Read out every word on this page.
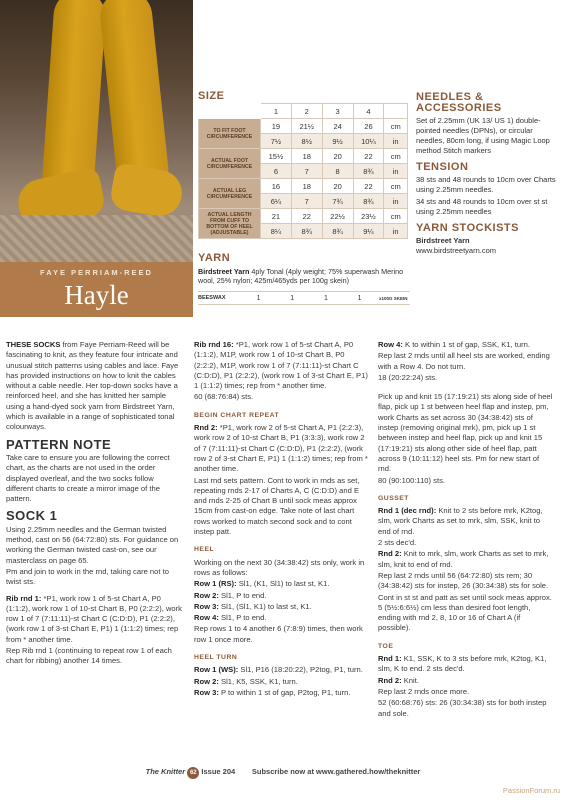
FAYE PERRIAM-REED
Hayle
SIZE
	1	2	3	4	
TO FIT FOOT CIRCUMFERENCE	19	21½	24	26	cm
	7½	8½	9½	10¼	in
ACTUAL FOOT CIRCUMFERENCE	15½	18	20	22	cm
	6	7	8	8¾	in
ACTUAL LEG CIRCUMFERENCE	16	18	20	22	cm
	6¼	7	7¾	8¾	in
ACTUAL LENGTH FROM CUFF TO BOTTOM OF HEEL (ADJUSTABLE)	21	22	22½	23½	cm
	8¼	8¾	8¾	9¼	in
YARN
Birdstreet Yarn 4ply Tonal (4ply weight; 75% superwash Merino wool, 25% nylon; 425m/465yds per 100g skein)
BEESWAX	1	1	1	1	x100G SKEIN
NEEDLES & ACCESSORIES

Set of 2.25mm (UK 13/ US 1) double-pointed needles (DPNs), or circular needles, 80cm long, if using Magic Loop method Stitch markers

TENSION

38 sts and 48 rounds to 10cm over Charts using 2.25mm needles.

34 sts and 48 rounds to 10cm over st st using 2.25mm needles

YARN STOCKISTS

Birdstreet Yarn

www.birdstreetyarn.com

THESE SOCKS from Faye Perriam-Reed will be fascinating to knit, as they feature four intricate and unusual stitch patterns using cables and lace. Faye has provided instructions on how to knit the cables without a cable needle. Her top-down socks have a reinforced heel, and she has knitted her sample using a hand-dyed sock yarn from Birdstreet Yarn, which is available in a range of sophisticated tonal colourways.

PATTERN NOTE

Take care to ensure you are following the correct chart, as the charts are not used in the order displayed overleaf, and the two socks follow different charts to create a mirror image of the pattern.

SOCK 1

Using 2.25mm needles and the German twisted method, cast on 56 (64:72:80) sts. For guidance on working the German twisted cast-on, see our masterclass on page 65.

Pm and join to work in the rnd, taking care not to twist sts.

Rib rnd 1: *P1, work row 1 of 5-st Chart A, P0 (1:1:2), work row 1 of 10-st Chart B, P0 (2:2:2), work row 1 of 7 (7:11:11)-st Chart C (C:D:D), P1 (2:2:2), (work row 1 of 3-st Chart E, P1) 1 (1:1:2) times; rep from * another time.

Rep Rib rnd 1 (continuing to repeat row 1 of each chart for ribbing) another 14 times.

Rib rnd 16: *P1, work row 1 of 5-st Chart A, P0 (1:1:2), M1P, work row 1 of 10-st Chart B, P0 (2:2:2), M1P, work row 1 of 7 (7:11:11)-st Chart C (C:D:D), P1 (2:2:2), (work row 1 of 3-st Chart E, P1) 1 (1:1:2) times; rep from * another time.

60 (68:76:84) sts.

BEGIN CHART REPEAT

Rnd 2: *P1, work row 2 of 5-st Chart A, P1 (2:2:3), work row 2 of 10-st Chart B, P1 (3:3:3), work row 2 of 7 (7:11:11)-st Chart C (C:D:D), P1 (2:2:2), (work row 2 of 3-st Chart E, P1) 1 (1:1:2) times; rep from * another time.

Last rnd sets pattern. Cont to work in rnds as set, repeating rnds 2-17 of Charts A, C (C:D:D) and E and rnds 2-25 of Chart B until sock meas approx 15cm from cast-on edge. Take note of last chart rows worked to match second sock and to cont instep patt.

HEEL

Working on the next 30 (34:38:42) sts only, work in rows as follows:

Row 1 (RS): Sl1, (K1, Sl1) to last st, K1.

Row 2: Sl1, P to end.

Row 3: Sl1, (Sl1, K1) to last st, K1.

Row 4: Sl1, P to end.

Rep rows 1 to 4 another 6 (7:8:9) times, then work row 1 once more.

HEEL TURN

Row 1 (WS): Sl1, P16 (18:20:22), P2tog, P1, turn.

Row 2: Sl1, K5, SSK, K1, turn.

Row 3: P to within 1 st of gap, P2tog, P1, turn.

Row 4: K to within 1 st of gap, SSK, K1, turn.

Rep last 2 rnds until all heel sts are worked, ending with a Row 4. Do not turn.

18 (20:22:24) sts.

Pick up and knit 15 (17:19:21) sts along side of heel flap, pick up 1 st between heel flap and instep, pm, work Charts as set across 30 (34:38:42) sts of instep (removing original mrk), pm, pick up 1 st between instep and heel flap, pick up and knit 15 (17:19:21) sts along other side of heel flap, patt across 9 (10:11:12) heel sts. Pm for new start of rnd.

80 (90:100:110) sts.

GUSSET

Rnd 1 (dec rnd): Knit to 2 sts before mrk, K2tog, slm, work Charts as set to mrk, slm, SSK, knit to end of rnd.

2 sts dec'd.

Rnd 2: Knit to mrk, slm, work Charts as set to mrk, slm, knit to end of rnd.

Rep last 2 rnds until 56 (64:72:80) sts rem; 30 (34:38:42) sts for instep, 26 (30:34:38) sts for sole.

Cont in st st and patt as set until sock meas approx. 5 (5½:6:6½) cm less than desired foot length, ending with rnd 2, 8, 10 or 16 of Chart A (if possible).

TOE

Rnd 1: K1, SSK, K to 3 sts before mrk, K2tog, K1, slm, K to end. 2 sts dec'd.

Rnd 2: Knit.

Rep last 2 rnds once more.

52 (60:68:76) sts: 26 (30:34:38) sts for both instep and sole.

The Knitter 62 Issue 204 Subscribe now at www.gathered.how/theknitter
PassionForum.ru
